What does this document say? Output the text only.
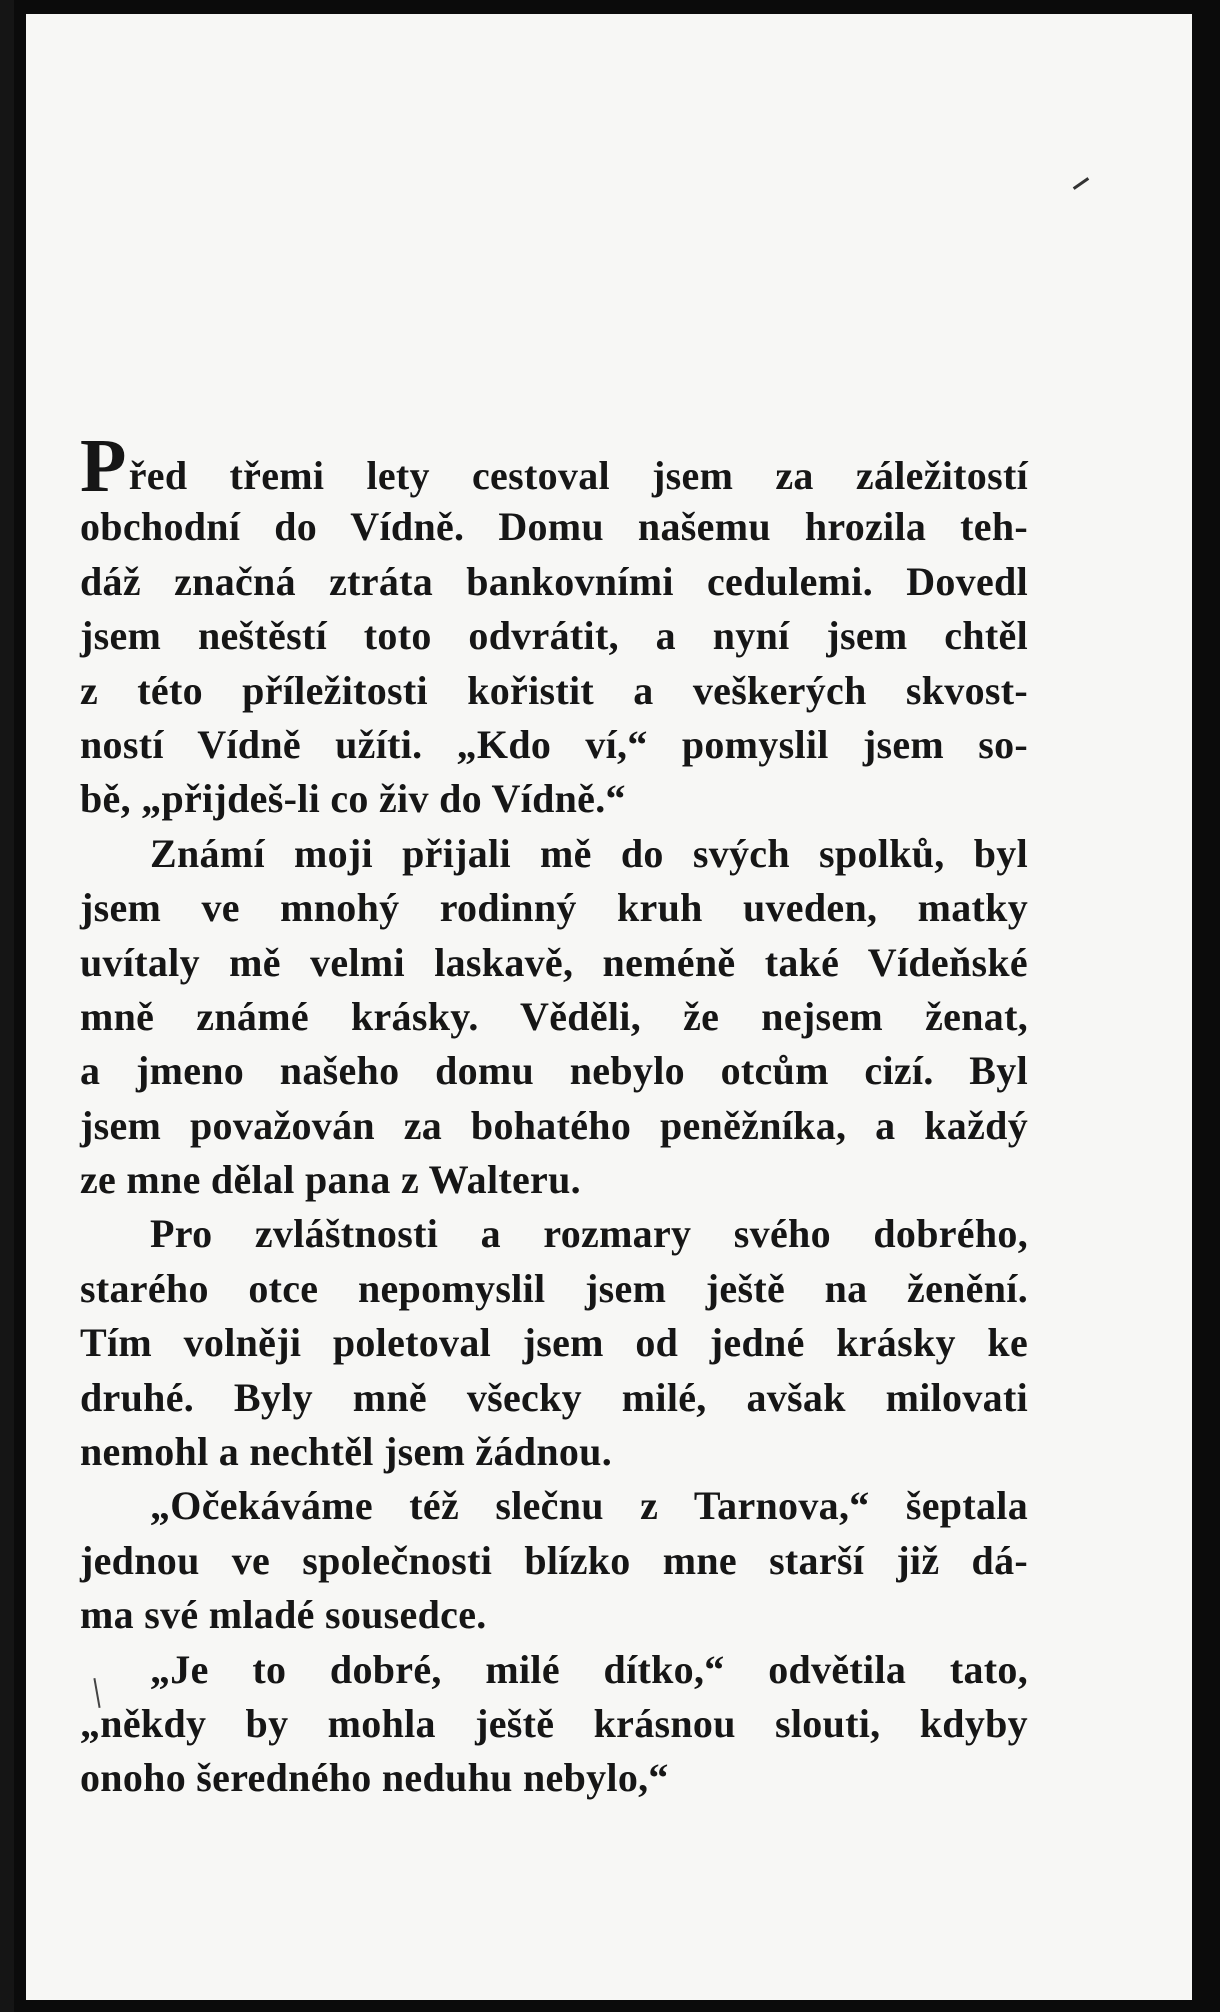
Před třemi lety cestoval jsem za záležitostí
obchodní do Vídně. Domu našemu hrozila teh-
dáž značná ztráta bankovními cedulemi. Dovedl
jsem neštěstí toto odvrátit, a nyní jsem chtěl
z této příležitosti kořistit a veškerých skvost-
ností Vídně užíti. „Kdo ví,“ pomyslil jsem so-
bě, „přijdeš-li co živ do Vídně.“
Známí moji přijali mě do svých spolků, byl
jsem ve mnohý rodinný kruh uveden, matky
uvítaly mě velmi laskavě, neméně také Vídeňské
mně známé krásky. Věděli, že nejsem ženat,
a jmeno našeho domu nebylo otcům cizí. Byl
jsem považován za bohatého peněžníka, a každý
ze mne dělal pana z Walteru.
Pro zvláštnosti a rozmary svého dobrého,
starého otce nepomyslil jsem ještě na ženění.
Tím volněji poletoval jsem od jedné krásky ke
druhé. Byly mně všecky milé, avšak milovati
nemohl a nechtěl jsem žádnou.
„Očekáváme též slečnu z Tarnova,“ šeptala
jednou ve společnosti blízko mne starší již dá-
ma své mladé sousedce.
„Je to dobré, milé dítko,“ odvětila tato,
„někdy by mohla ještě krásnou slouti, kdyby
onoho šeredného neduhu nebylo,“
